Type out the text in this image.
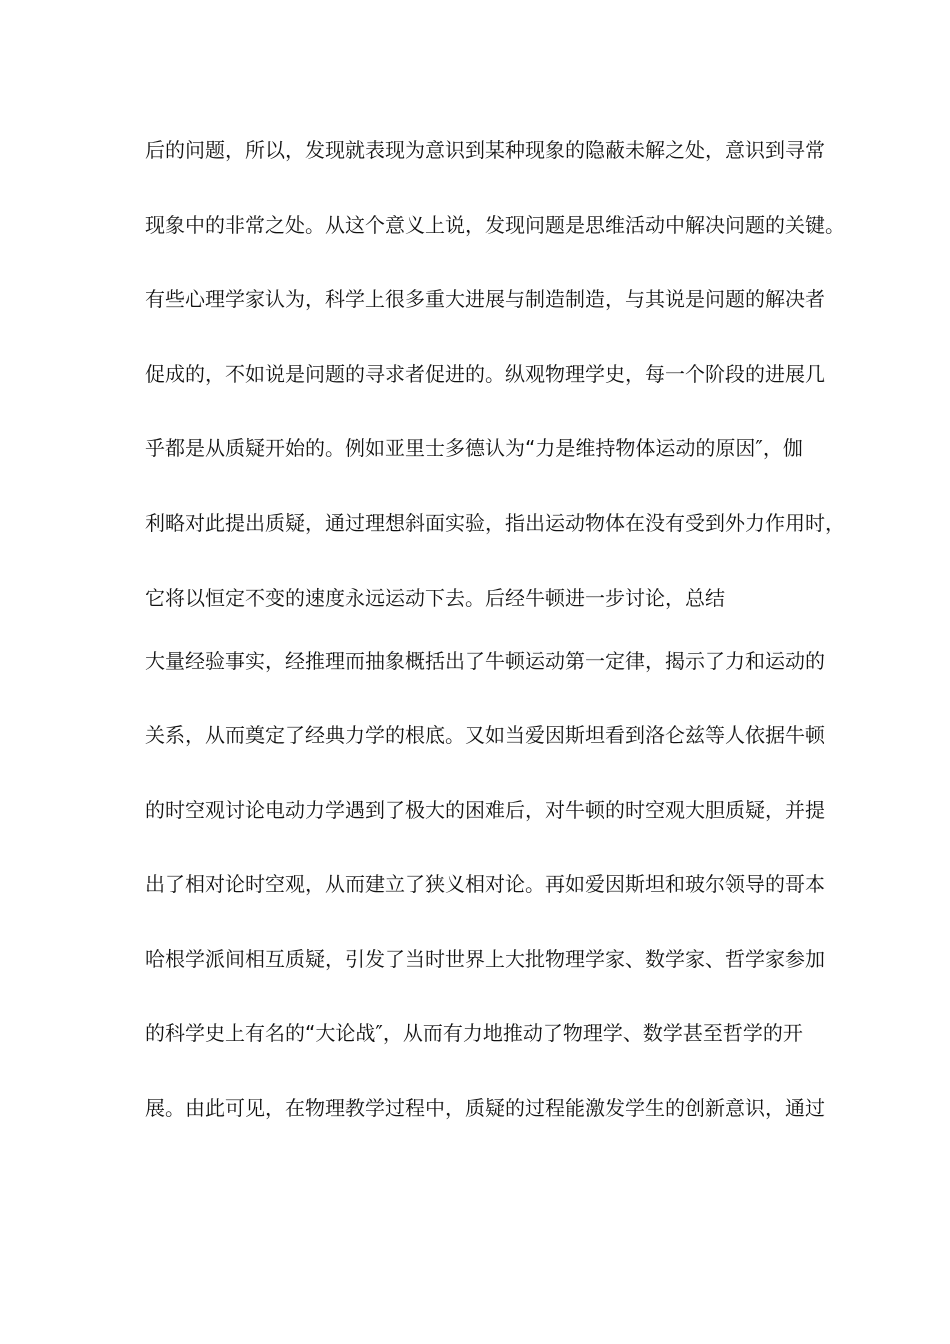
后的问题，所以，发现就表现为意识到某种现象的隐蔽未解之处，意识到寻常
现象中的非常之处。从这个意义上说，发现问题是思维活动中解决问题的关键。
有些心理学家认为，科学上很多重大进展与制造制造，与其说是问题的解决者
促成的，不如说是问题的寻求者促进的。纵观物理学史，每一个阶段的进展几
乎都是从质疑开始的。例如亚里士多德认为“力是维持物体运动的原因″，伽
利略对此提出质疑，通过理想斜面实验，指出运动物体在没有受到外力作用时，
它将以恒定不变的速度永远运动下去。后经牛顿进一步讨论，总结
大量经验事实，经推理而抽象概括出了牛顿运动第一定律，揭示了力和运动的
关系，从而奠定了经典力学的根底。又如当爱因斯坦看到洛仑兹等人依据牛顿
的时空观讨论电动力学遇到了极大的困难后，对牛顿的时空观大胆质疑，并提
出了相对论时空观，从而建立了狭义相对论。再如爱因斯坦和玻尔领导的哥本
哈根学派间相互质疑，引发了当时世界上大批物理学家、数学家、哲学家参加
的科学史上有名的“大论战″，从而有力地推动了物理学、数学甚至哲学的开
展。由此可见，在物理教学过程中，质疑的过程能激发学生的创新意识，通过
